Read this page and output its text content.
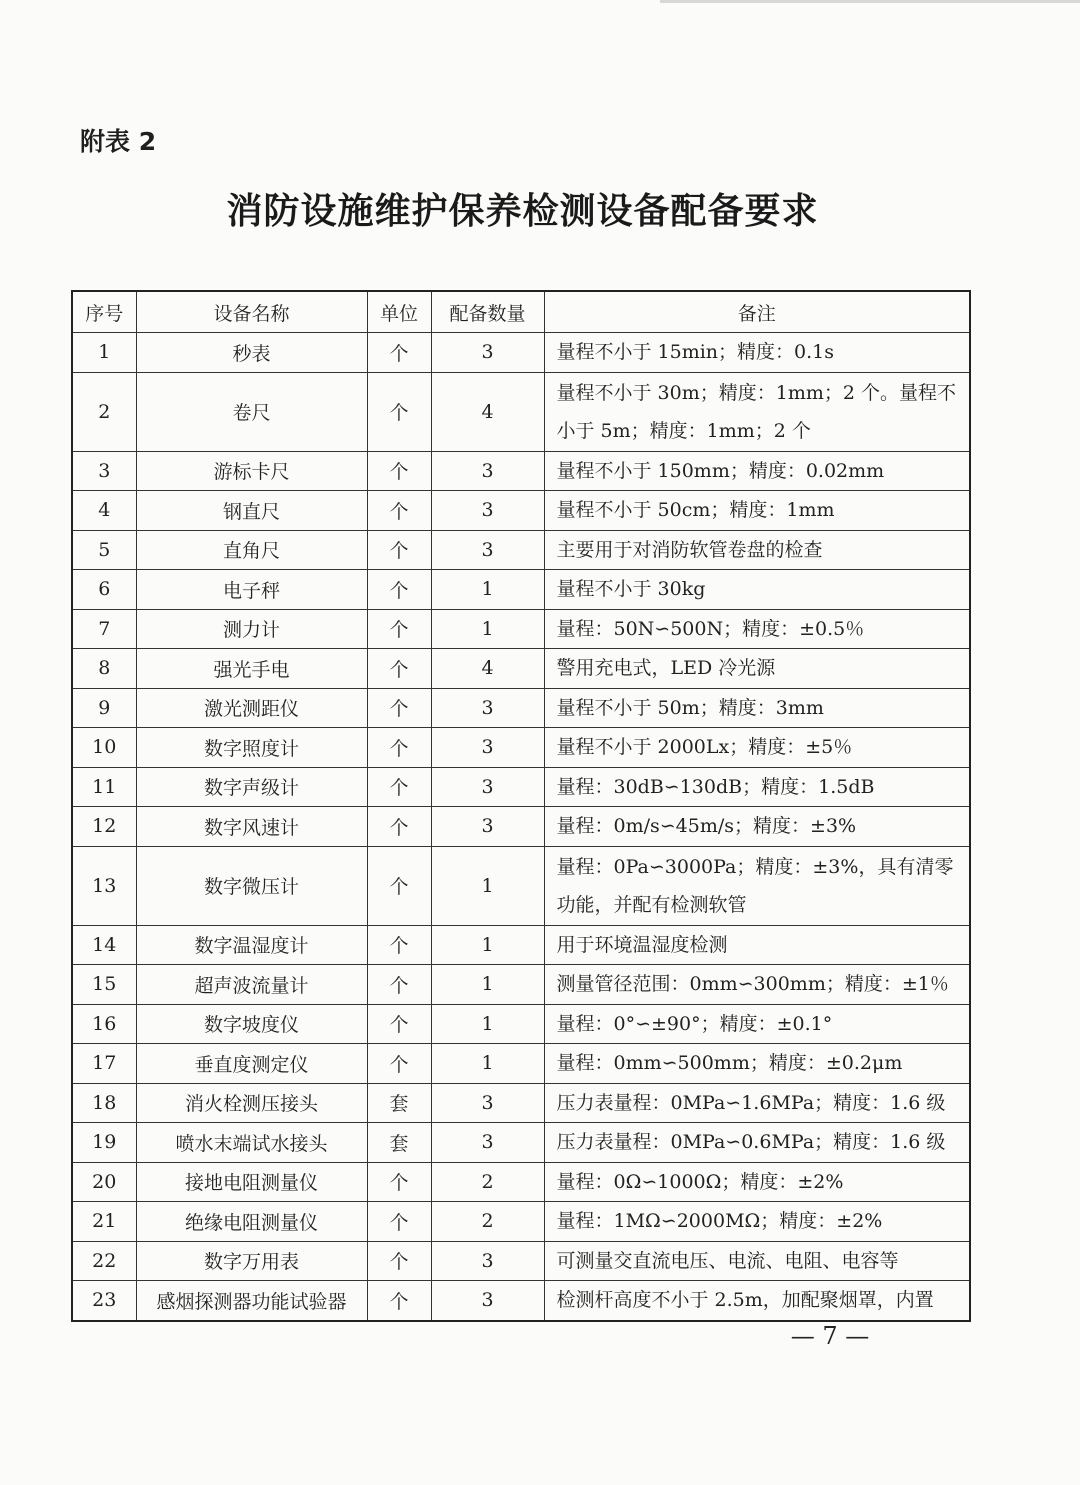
附表 2
消防设施维护保养检测设备配备要求
序号	设备名称	单位	配备数量	备注
1	秒表	个	3	量程不小于 15min；精度：0.1s
2	卷尺	个	4	量程不小于 30m；精度：1mm；2 个。量程不小于 5m；精度：1mm；2 个
3	游标卡尺	个	3	量程不小于 150mm；精度：0.02mm
4	钢直尺	个	3	量程不小于 50cm；精度：1mm
5	直角尺	个	3	主要用于对消防软管卷盘的检查
6	电子秤	个	1	量程不小于 30kg
7	测力计	个	1	量程：50N∽500N；精度：±0.5％
8	强光手电	个	4	警用充电式，LED 冷光源
9	激光测距仪	个	3	量程不小于 50m；精度：3mm
10	数字照度计	个	3	量程不小于 2000Lx；精度：±5％
11	数字声级计	个	3	量程：30dB∽130dB；精度：1.5dB
12	数字风速计	个	3	量程：0m/s∽45m/s；精度：±3%
13	数字微压计	个	1	量程：0Pa∽3000Pa；精度：±3%，具有清零功能，并配有检测软管
14	数字温湿度计	个	1	用于环境温湿度检测
15	超声波流量计	个	1	测量管径范围：0mm∽300mm；精度：±1％
16	数字坡度仪	个	1	量程：0°∽±90°；精度：±0.1°
17	垂直度测定仪	个	1	量程：0mm∽500mm；精度：±0.2μm
18	消火栓测压接头	套	3	压力表量程：0MPa∽1.6MPa；精度：1.6 级
19	喷水末端试水接头	套	3	压力表量程：0MPa∽0.6MPa；精度：1.6 级
20	接地电阻测量仪	个	2	量程：0Ω∽1000Ω；精度：±2%
21	绝缘电阻测量仪	个	2	量程：1MΩ∽2000MΩ；精度：±2%
22	数字万用表	个	3	可测量交直流电压、电流、电阻、电容等
23	感烟探测器功能试验器	个	3	检测杆高度不小于 2.5m，加配聚烟罩，内置
— 7 —
